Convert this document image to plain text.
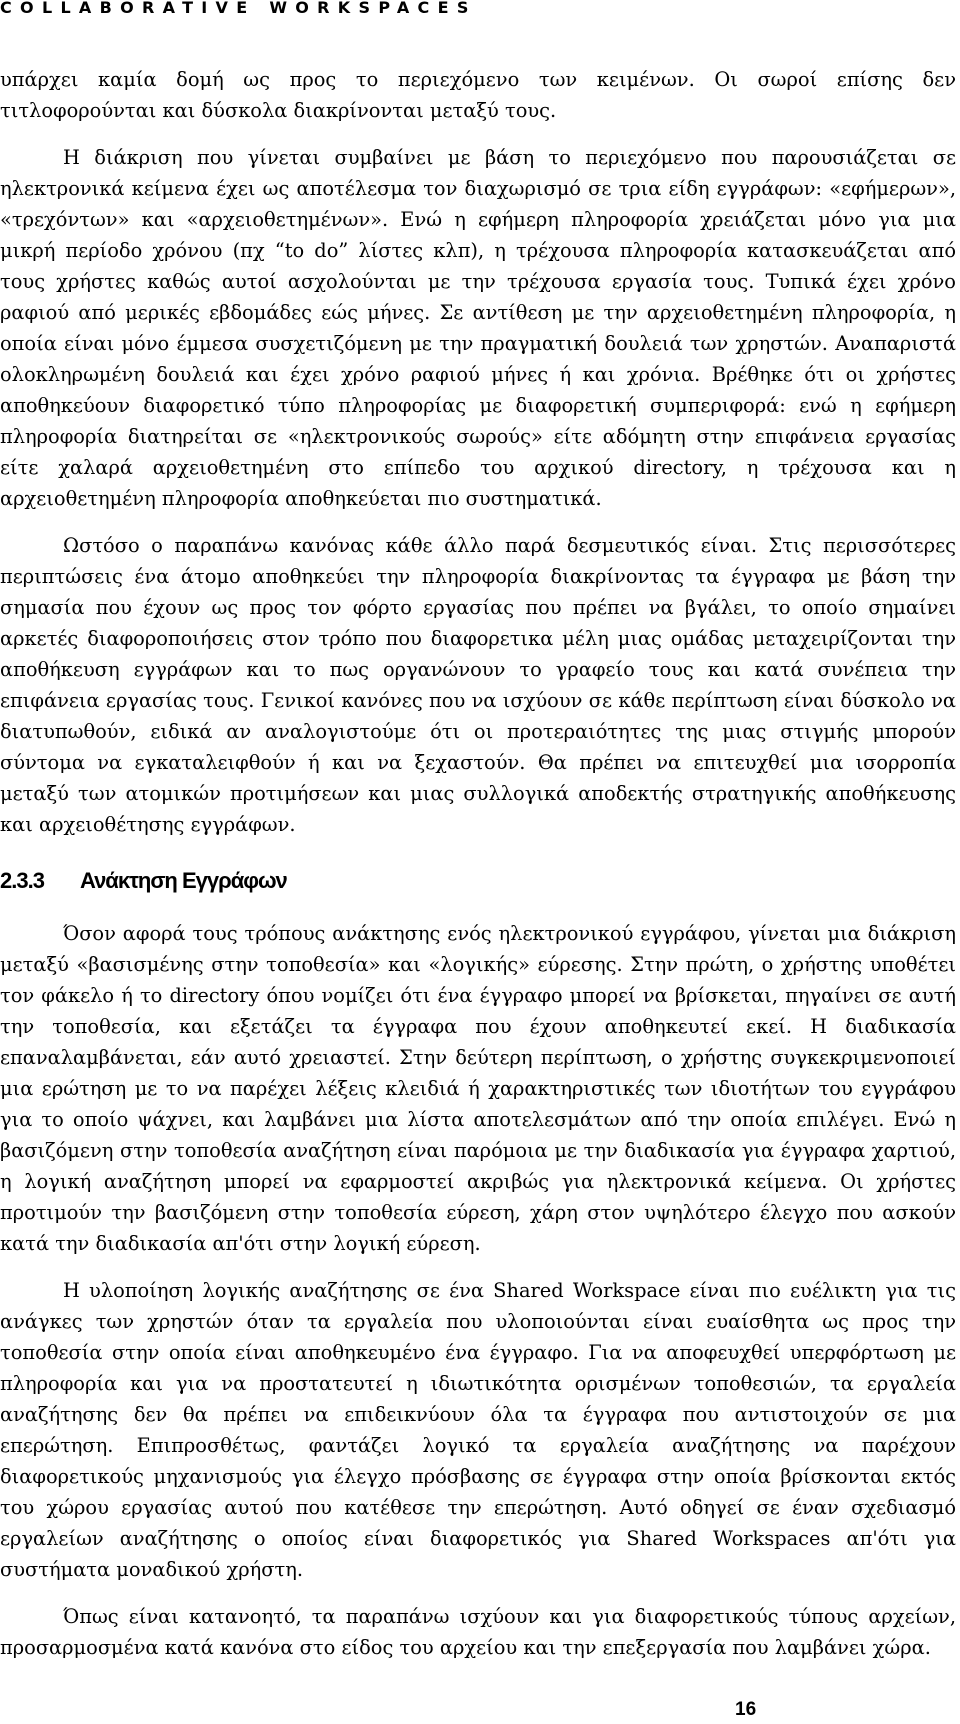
COLLABORATIVE WORKSPACES

υπάρχει καμία δομή ως προς το περιεχόμενο των κειμένων. Οι σωροί επίσης δεν τιτλοφορούνται και δύσκολα διακρίνονται μεταξύ τους.

Η διάκριση που γίνεται συμβαίνει με βάση το περιεχόμενο που παρουσιάζεται σε ηλεκτρονικά κείμενα έχει ως αποτέλεσμα τον διαχωρισμό σε τρια είδη εγγράφων: «εφήμερων», «τρεχόντων» και «αρχειοθετημένων». Ενώ η εφήμερη πληροφορία χρειάζεται μόνο για μια μικρή περίοδο χρόνου (πχ “to do” λίστες κλπ), η τρέχουσα πληροφορία κατασκευάζεται από τους χρήστες καθώς αυτοί ασχολούνται με την τρέχουσα εργασία τους. Τυπικά έχει χρόνο ραφιού από μερικές εβδομάδες εώς μήνες. Σε αντίθεση με την αρχειοθετημένη πληροφορία, η οποία είναι μόνο έμμεσα συσχετιζόμενη με την πραγματική δουλειά των χρηστών. Αναπαριστά ολοκληρωμένη δουλειά και έχει χρόνο ραφιού μήνες ή και χρόνια. Βρέθηκε ότι οι χρήστες αποθηκεύουν διαφορετικό τύπο πληροφορίας με διαφορετική συμπεριφορά: ενώ η εφήμερη πληροφορία διατηρείται σε «ηλεκτρονικούς σωρούς» είτε αδόμητη στην επιφάνεια εργασίας είτε χαλαρά αρχειοθετημένη στο επίπεδο του αρχικού directory, η τρέχουσα και η αρχειοθετημένη πληροφορία αποθηκεύεται πιο συστηματικά.

Ωστόσο ο παραπάνω κανόνας κάθε άλλο παρά δεσμευτικός είναι. Στις περισσότερες περιπτώσεις ένα άτομο αποθηκεύει την πληροφορία διακρίνοντας τα έγγραφα με βάση την σημασία που έχουν ως προς τον φόρτο εργασίας που πρέπει να βγάλει, το οποίο σημαίνει αρκετές διαφοροποιήσεις στον τρόπο που διαφορετικα μέλη μιας ομάδας μεταχειρίζονται την αποθήκευση εγγράφων και το πως οργανώνουν το γραφείο τους και κατά συνέπεια την επιφάνεια εργασίας τους. Γενικοί κανόνες που να ισχύουν σε κάθε περίπτωση είναι δύσκολο να διατυπωθούν, ειδικά αν αναλογιστούμε ότι οι προτεραιότητες της μιας στιγμής μπορούν σύντομα να εγκαταλειφθούν ή και να ξεχαστούν. Θα πρέπει να επιτευχθεί μια ισορροπία μεταξύ των ατομικών προτιμήσεων και μιας συλλογικά αποδεκτής στρατηγικής αποθήκευσης και αρχειοθέτησης εγγράφων.

2.3.3 Ανάκτηση Εγγράφων

Όσον αφορά τους τρόπους ανάκτησης ενός ηλεκτρονικού εγγράφου, γίνεται μια διάκριση μεταξύ «βασισμένης στην τοποθεσία» και «λογικής» εύρεσης. Στην πρώτη, ο χρήστης υποθέτει τον φάκελο ή το directory όπου νομίζει ότι ένα έγγραφο μπορεί να βρίσκεται, πηγαίνει σε αυτή την τοποθεσία, και εξετάζει τα έγγραφα που έχουν αποθηκευτεί εκεί. Η διαδικασία επαναλαμβάνεται, εάν αυτό χρειαστεί. Στην δεύτερη περίπτωση, ο χρήστης συγκεκριμενοποιεί μια ερώτηση με το να παρέχει λέξεις κλειδιά ή χαρακτηριστικές των ιδιοτήτων του εγγράφου για το οποίο ψάχνει, και λαμβάνει μια λίστα αποτελεσμάτων από την οποία επιλέγει. Ενώ η βασιζόμενη στην τοποθεσία αναζήτηση είναι παρόμοια με την διαδικασία για έγγραφα χαρτιού, η λογική αναζήτηση μπορεί να εφαρμοστεί ακριβώς για ηλεκτρονικά κείμενα. Οι χρήστες προτιμούν την βασιζόμενη στην τοποθεσία εύρεση, χάρη στον υψηλότερο έλεγχο που ασκούν κατά την διαδικασία απ'ότι στην λογική εύρεση.

Η υλοποίηση λογικής αναζήτησης σε ένα Shared Workspace είναι πιο ευέλικτη για τις ανάγκες των χρηστών όταν τα εργαλεία που υλοποιούνται είναι ευαίσθητα ως προς την τοποθεσία στην οποία είναι αποθηκευμένο ένα έγγραφο. Για να αποφευχθεί υπερφόρτωση με πληροφορία και για να προστατευτεί η ιδιωτικότητα ορισμένων τοποθεσιών, τα εργαλεία αναζήτησης δεν θα πρέπει να επιδεικνύουν όλα τα έγγραφα που αντιστοιχούν σε μια επερώτηση. Επιπροσθέτως, φαντάζει λογικό τα εργαλεία αναζήτησης να παρέχουν διαφορετικούς μηχανισμούς για έλεγχο πρόσβασης σε έγγραφα στην οποία βρίσκονται εκτός του χώρου εργασίας αυτού που κατέθεσε την επερώτηση. Αυτό οδηγεί σε έναν σχεδιασμό εργαλείων αναζήτησης ο οποίος είναι διαφορετικός για Shared Workspaces απ'ότι για συστήματα μοναδικού χρήστη.

Όπως είναι κατανοητό, τα παραπάνω ισχύουν και για διαφορετικούς τύπους αρχείων, προσαρμοσμένα κατά κανόνα στο είδος του αρχείου και την επεξεργασία που λαμβάνει χώρα.

16
